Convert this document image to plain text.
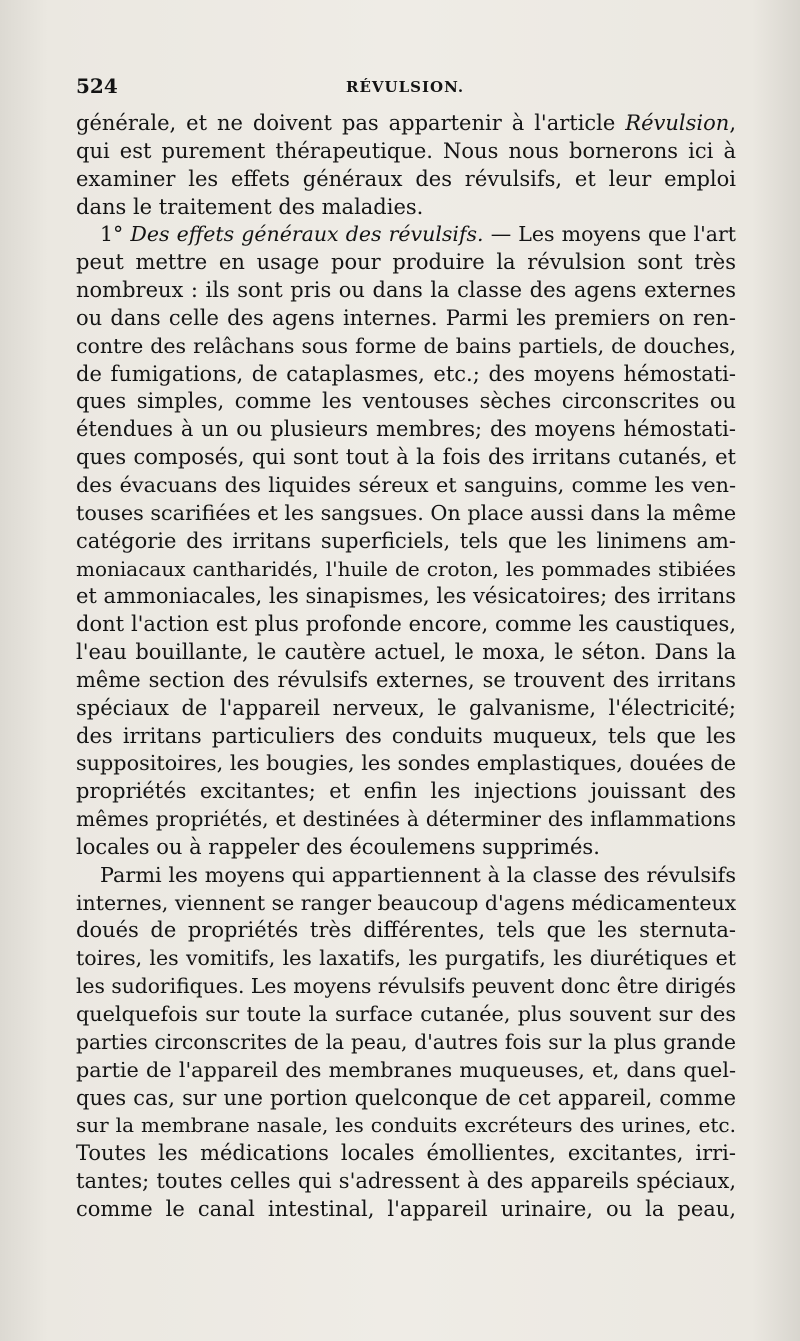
524	RÉVULSION.
générale, et ne doivent pas appartenir à l'article Révulsion,
qui est purement thérapeutique. Nous nous bornerons ici à
examiner les effets généraux des révulsifs, et leur emploi
dans le traitement des maladies.
1° Des effets généraux des révulsifs. — Les moyens que l'art
peut mettre en usage pour produire la révulsion sont très
nombreux : ils sont pris ou dans la classe des agens externes
ou dans celle des agens internes. Parmi les premiers on ren-
contre des relâchans sous forme de bains partiels, de douches,
de fumigations, de cataplasmes, etc.; des moyens hémostati-
ques simples, comme les ventouses sèches circonscrites ou
étendues à un ou plusieurs membres; des moyens hémostati-
ques composés, qui sont tout à la fois des irritans cutanés, et
des évacuans des liquides séreux et sanguins, comme les ven-
touses scarifiées et les sangsues. On place aussi dans la même
catégorie des irritans superficiels, tels que les linimens am-
moniacaux cantharidés, l'huile de croton, les pommades stibiées
et ammoniacales, les sinapismes, les vésicatoires; des irritans
dont l'action est plus profonde encore, comme les caustiques,
l'eau bouillante, le cautère actuel, le moxa, le séton. Dans la
même section des révulsifs externes, se trouvent des irritans
spéciaux de l'appareil nerveux, le galvanisme, l'électricité;
des irritans particuliers des conduits muqueux, tels que les
suppositoires, les bougies, les sondes emplastiques, douées de
propriétés excitantes; et enfin les injections jouissant des
mêmes propriétés, et destinées à déterminer des inflammations
locales ou à rappeler des écoulemens supprimés.
Parmi les moyens qui appartiennent à la classe des révulsifs
internes, viennent se ranger beaucoup d'agens médicamenteux
doués de propriétés très différentes, tels que les sternuta-
toires, les vomitifs, les laxatifs, les purgatifs, les diurétiques et
les sudorifiques. Les moyens révulsifs peuvent donc être dirigés
quelquefois sur toute la surface cutanée, plus souvent sur des
parties circonscrites de la peau, d'autres fois sur la plus grande
partie de l'appareil des membranes muqueuses, et, dans quel-
ques cas, sur une portion quelconque de cet appareil, comme
sur la membrane nasale, les conduits excréteurs des urines, etc.
Toutes les médications locales émollientes, excitantes, irri-
tantes; toutes celles qui s'adressent à des appareils spéciaux,
comme le canal intestinal, l'appareil urinaire, ou la peau,
